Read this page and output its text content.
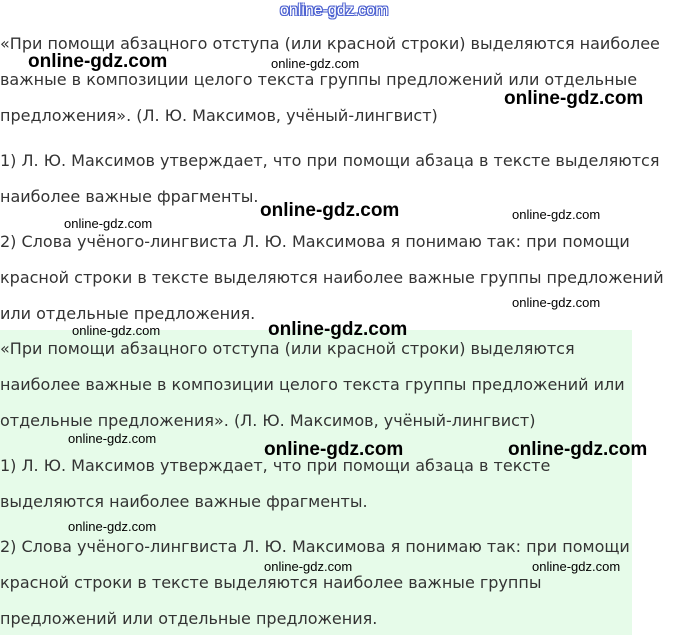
online-gdz.com
«При помощи абзацного отступа (или красной строки) выделяются наиболее
важные в композиции целого текста группы предложений или отдельные
предложения». (Л. Ю. Максимов, учёный-лингвист)
1) Л. Ю. Максимов утверждает, что при помощи абзаца в тексте выделяются
наиболее важные фрагменты.
2) Слова учёного-лингвиста Л. Ю. Максимова я понимаю так: при помощи
красной строки в тексте выделяются наиболее важные группы предложений
или отдельные предложения.
«При помощи абзацного отступа (или красной строки) выделяются
наиболее важные в композиции целого текста группы предложений или
отдельные предложения». (Л. Ю. Максимов, учёный-лингвист)
1) Л. Ю. Максимов утверждает, что при помощи абзаца в тексте
выделяются наиболее важные фрагменты.
2) Слова учёного-лингвиста Л. Ю. Максимова я понимаю так: при помощи
красной строки в тексте выделяются наиболее важные группы
предложений или отдельные предложения.
online-gdz.com	online-gdz.com
online-gdz.com
online-gdz.com
online-gdz.com
online-gdz.com
online-gdz.com
online-gdz.com	online-gdz.com
online-gdz.com
online-gdz.com	online-gdz.com
online-gdz.com
online-gdz.com	online-gdz.com
